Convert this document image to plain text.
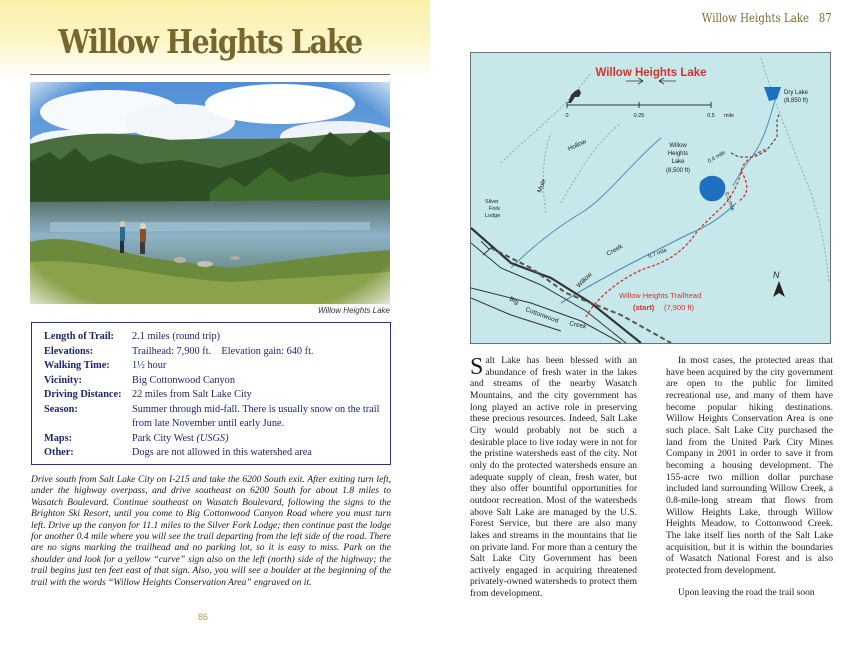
Willow Heights Lake
Willow Heights Lake
Length of Trail:	2.1 miles (round trip)
Elevations:	Trailhead: 7,900 ft.    Elevation gain: 640 ft.
Walking Time:	1½ hour
Vicinity:	Big Cottonwood Canyon
Driving Distance:	22 miles from Salt Lake City
Season:	Summer through mid-fall. There is usually snow on the trail from late November until early June.
Maps:	Park City West (USGS)
Other:	Dogs are not allowed in this watershed area
Drive south from Salt Lake City on I-215 and take the 6200 South exit. After exiting turn left, under the highway overpass, and drive southeast on 6200 South for about 1.8 miles to Wasatch Boulevard. Continue southeast on Wasatch Boulevard, following the signs to the Brighton Ski Resort, until you come to Big Cottonwood Canyon Road where you must turn left. Drive up the canyon for 11.1 miles to the Silver Fork Lodge; then continue past the lodge for another 0.4 mile where you will see the trail departing from the left side of the road. There are no signs marking the trailhead and no parking lot, so it is easy to miss. Park on the shoulder and look for a yellow “curve” sign also on the left (north) side of the highway; the trail begins just ten feet east of that sign. Also, you will see a boulder at the beginning of the trail with the words “Willow Heights Conservation Area” engraved on it.
86
Willow Heights Lake 87
Willow Heights Lake
0	0.25	0.5 mile
Dry Lake
(8,850 ft)
Willow
Heights
Lake
(8,500 ft)
Silver
Fork
Lodge
Hollow
Mule
Willow
Creek
Big
Cottonwood
Creek
0.4 mile
0.5 mile
0.7 mile
Willow Heights Trailhead
(start) (7,900 ft)
N
Salt Lake has been blessed with an abundance of fresh water in the lakes and streams of the nearby Wasatch Mountains, and the city government has long played an active role in preserving these precious resources. Indeed, Salt Lake City would probably not be such a desirable place to live today were in not for the pristine watersheds east of the city. Not only do the protected watersheds ensure an adequate supply of clean, fresh water, but they also offer bountiful opportunities for outdoor recreation. Most of the watersheds above Salt Lake are managed by the U.S. Forest Service, but there are also many lakes and streams in the mountains that lie on private land. For more than a century the Salt Lake City Government has been actively engaged in acquiring threatened privately-owned watersheds to protect them from development.

In most cases, the protected areas that have been acquired by the city government are open to the public for limited recreational use, and many of them have become popular hiking destinations. Willow Heights Conservation Area is one such place. Salt Lake City purchased the land from the United Park City Mines Company in 2001 in order to save it from becoming a housing development. The 155-acre two million dollar purchase included land surrounding Willow Creek, a 0.8-mile-long stream that flows from Willow Heights Lake, through Willow Heights Meadow, to Cottonwood Creek. The lake itself lies north of the Salt Lake acquisition, but it is within the boundaries of Wasatch National Forest and is also protected from development.

Upon leaving the road the trail soon
